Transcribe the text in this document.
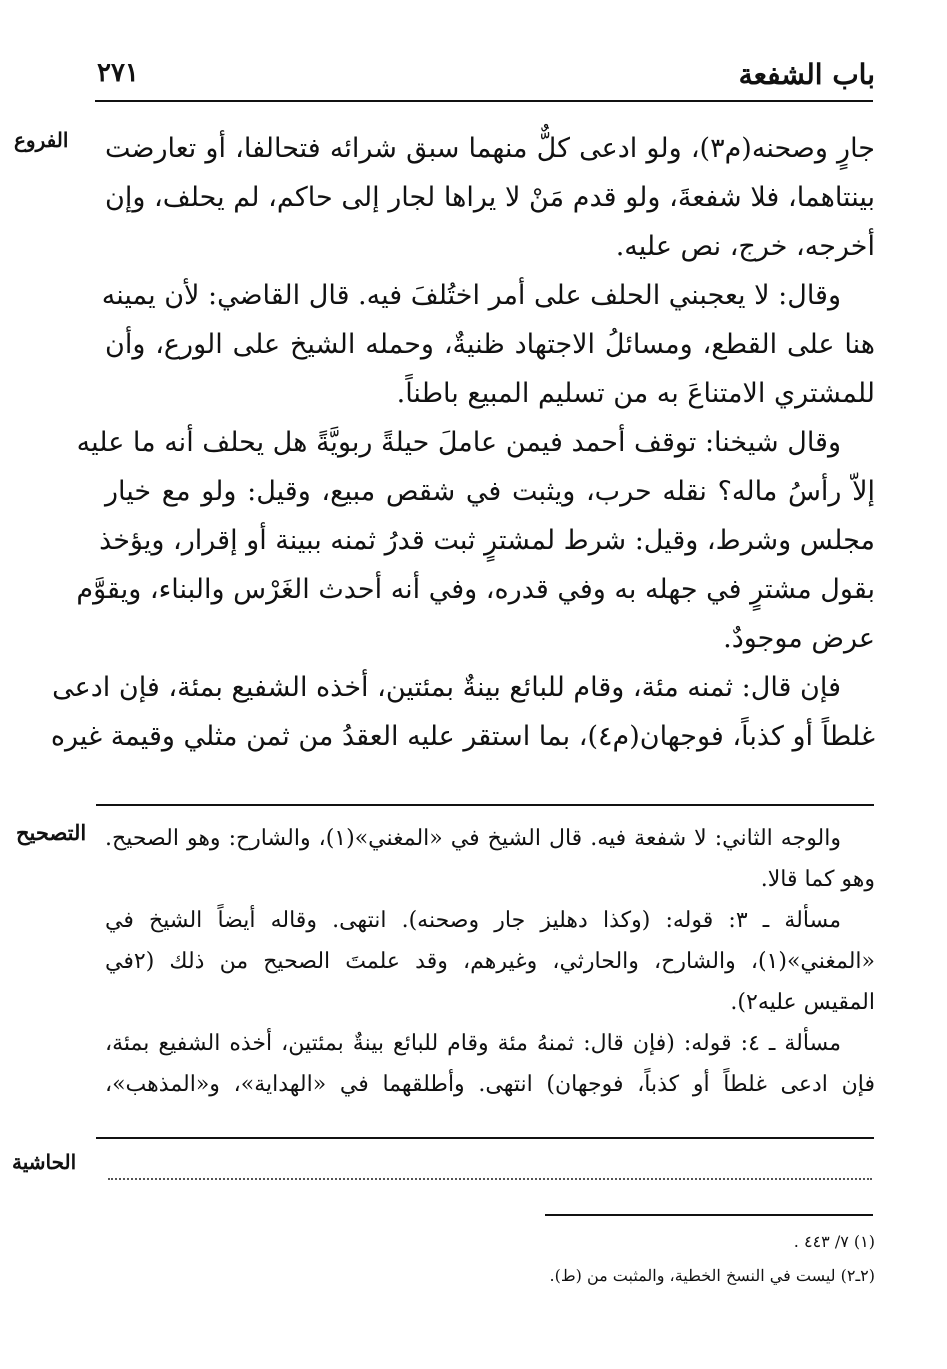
باب الشفعة
٢٧١
الفروع
التصحيح
الحاشية
جارٍ وصحنه(م٣)، ولو ادعى كلٌّ منهما سبق شرائه فتحالفا، أو تعارضت
بينتاهما، فلا شفعةَ، ولو قدم مَنْ لا يراها لجار إلى حاكم، لم يحلف، وإن
أخرجه، خرج، نص عليه.
وقال: لا يعجبني الحلف على أمر اختُلفَ فيه. قال القاضي: لأن يمينه
هنا على القطع، ومسائلُ الاجتهاد ظنيةٌ، وحمله الشيخ على الورع، وأن
للمشتري الامتناعَ به من تسليم المبيع باطناً.
وقال شيخنا: توقف أحمد فيمن عاملَ حيلةً ربويَّةً هل يحلف أنه ما عليه
إلاّ رأسُ ماله؟ نقله حرب، ويثبت في شقص مبيع، وقيل: ولو مع خيار
مجلس وشرط، وقيل: شرط لمشترٍ ثبت قدرُ ثمنه ببينة أو إقرار، ويؤخذ
بقول مشترٍ في جهله به وفي قدره، وفي أنه أحدث الغَرْس والبناء، ويقوَّم
عرض موجودٌ.
فإن قال: ثمنه مئة، وقام للبائع بينةٌ بمئتين، أخذه الشفيع بمئة، فإن ادعى
غلطاً أو كذباً، فوجهان(م٤)، بما استقر عليه العقدُ من ثمن مثلي وقيمة غيره
والوجه الثاني: لا شفعة فيه. قال الشيخ في «المغني»(١)، والشارح: وهو الصحيح.
وهو كما قالا.
مسألة ـ ٣: قوله: (وكذا دهليز جار وصحنه). انتهى. وقاله أيضاً الشيخ في
«المغني»(١)، والشارح، والحارثي، وغيرهم، وقد علمتَ الصحيح من ذلك (٢في
المقيس عليه٢).
مسألة ـ ٤: قوله: (فإن قال: ثمنهُ مئة وقام للبائع بينةٌ بمئتين، أخذه الشفيع بمئة،
فإن ادعى غلطاً أو كذباً، فوجهان) انتهى. وأطلقهما في «الهداية»، و«المذهب»،
(١) ٧/ ٤٤٣ .
(٢ـ٢) ليست في النسخ الخطية، والمثبت من (ط).
